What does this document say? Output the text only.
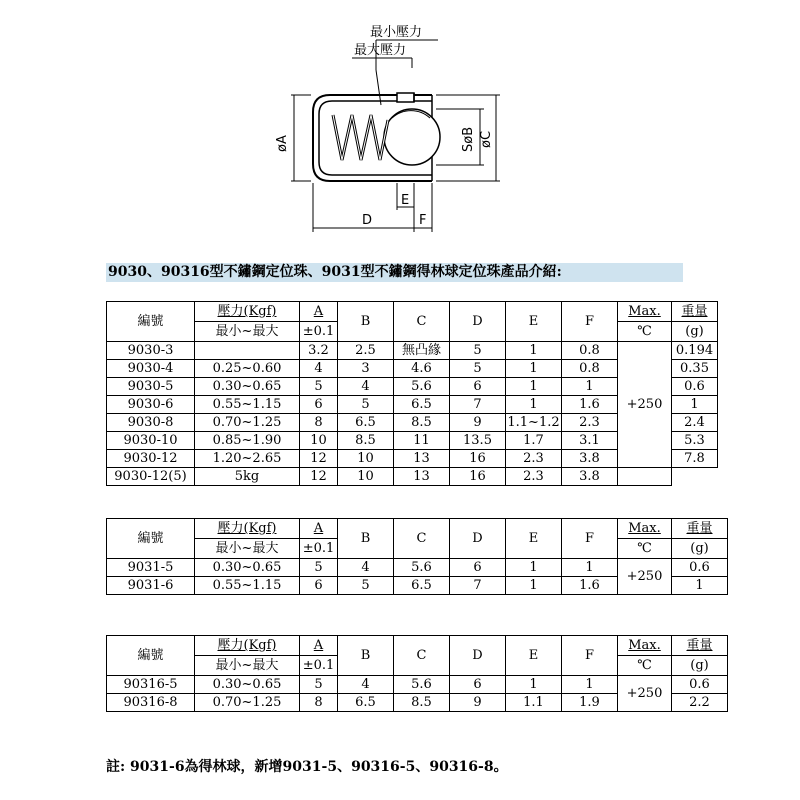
最小壓力
最大壓力
øA	SøB øC
E
D	F
9030、90316型不鏽鋼定位珠、9031型不鏽鋼得林球定位珠產品介紹:
編號	壓力(Kgf)	A	B	C	D	E	F	Max.	重量
	最小~最大	±0.1						℃	(g)
9030-3		3.2	2.5	無凸緣	5	1	0.8	+250	0.194
9030-4	0.25~0.60	4	3	4.6	5	1	0.8		0.35
9030-5	0.30~0.65	5	4	5.6	6	1	1		0.6
9030-6	0.55~1.15	6	5	6.5	7	1	1.6		1
9030-8	0.70~1.25	8	6.5	8.5	9	1.1~1.2	2.3		2.4
9030-10	0.85~1.90	10	8.5	11	13.5	1.7	3.1		5.3
9030-12	1.20~2.65	12	10	13	16	2.3	3.8		7.8
9030-12(5)	5kg	12	10	13	16	2.3	3.8		
編號	壓力(Kgf)	A	B	C	D	E	F	Max.	重量
	最小~最大	±0.1						℃	(g)
9031-5	0.30~0.65	5	4	5.6	6	1	1	+250	0.6
9031-6	0.55~1.15	6	5	6.5	7	1	1.6		1
編號	壓力(Kgf)	A	B	C	D	E	F	Max.	重量
	最小~最大	±0.1						℃	(g)
90316-5	0.30~0.65	5	4	5.6	6	1	1	+250	0.6
90316-8	0.70~1.25	8	6.5	8.5	9	1.1	1.9		2.2
註: 9031-6為得林球，新增9031-5、90316-5、90316-8。
